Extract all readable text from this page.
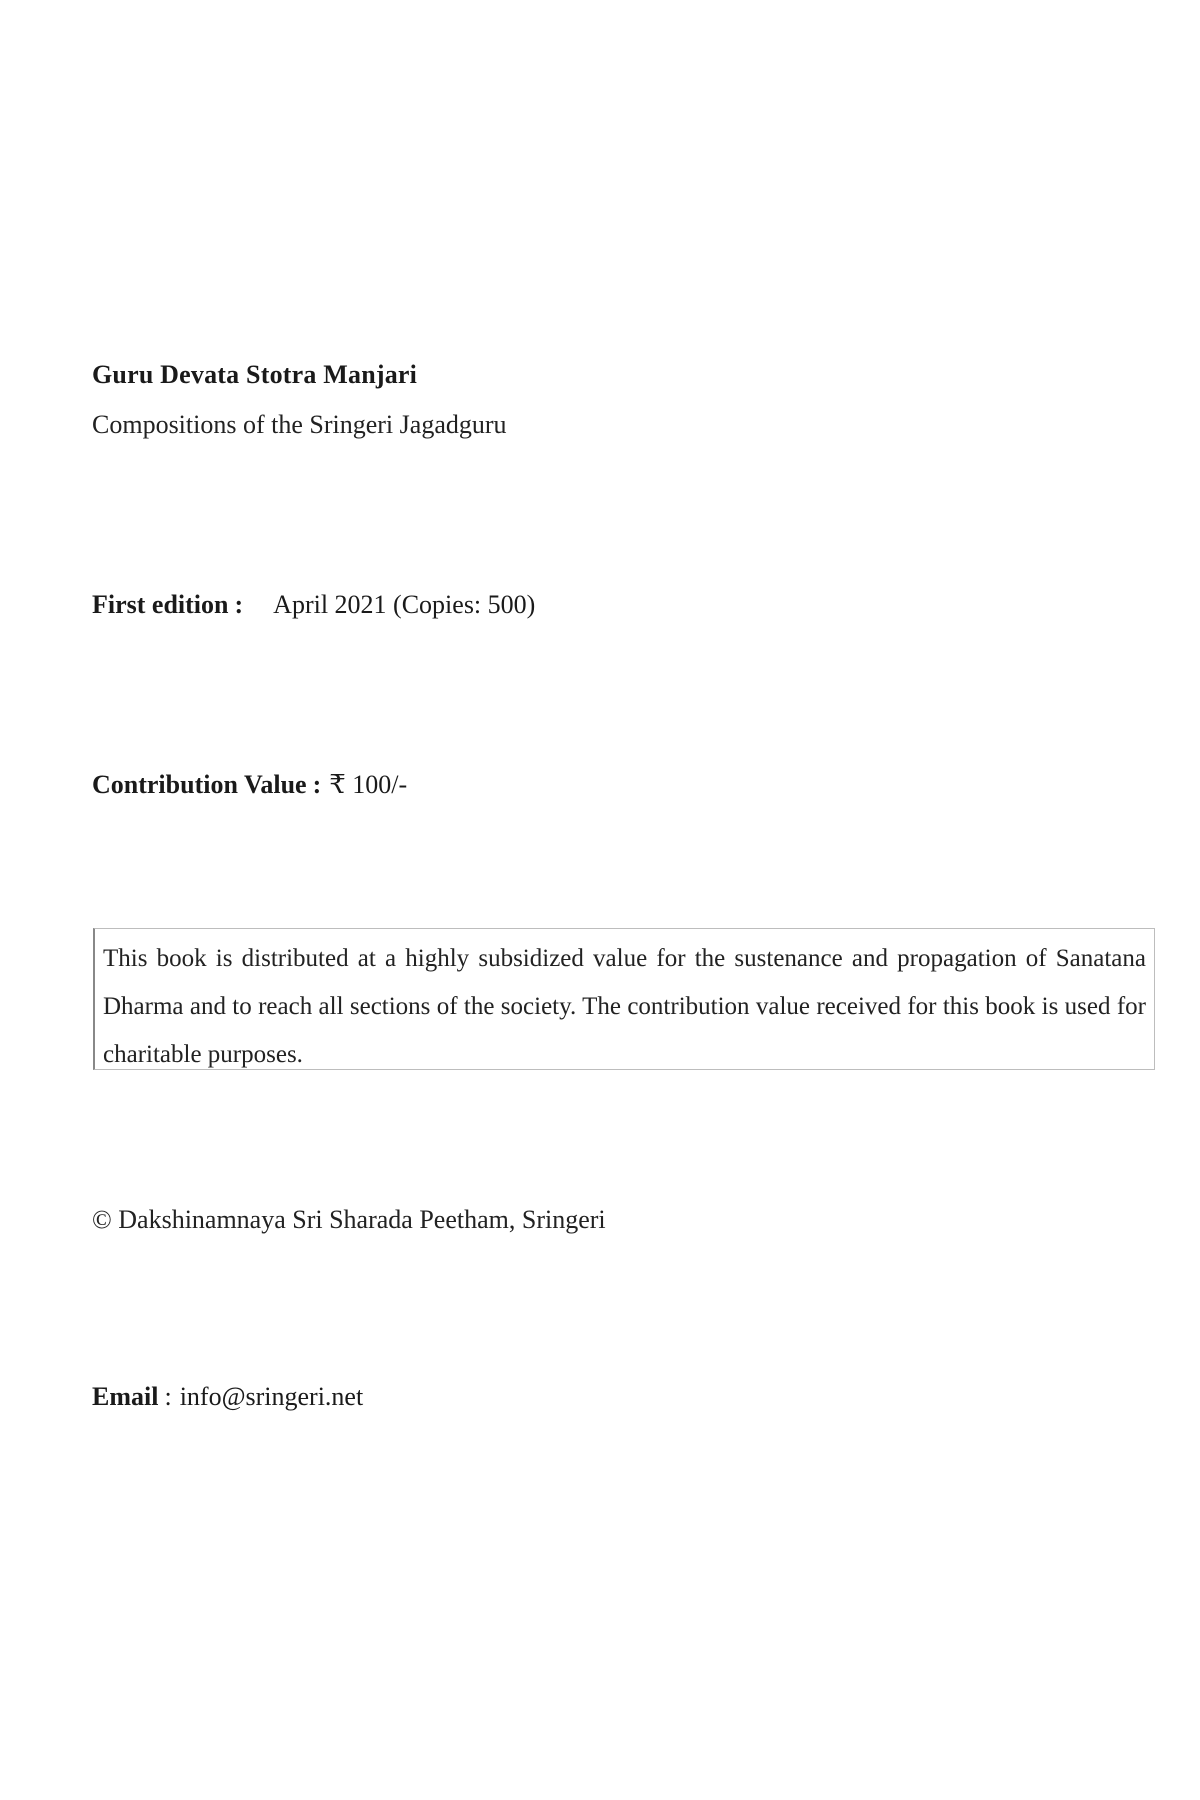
Guru Devata Stotra Manjari

Compositions of the Sringeri Jagadguru

First edition : April 2021 (Copies: 500)

Contribution Value : ₹ 100/-

This book is distributed at a highly subsidized value for the sustenance and propagation of Sanatana Dharma and to reach all sections of the society. The contribution value received for this book is used for charitable purposes.

© Dakshinamnaya Sri Sharada Peetham, Sringeri

Email : info@sringeri.net
